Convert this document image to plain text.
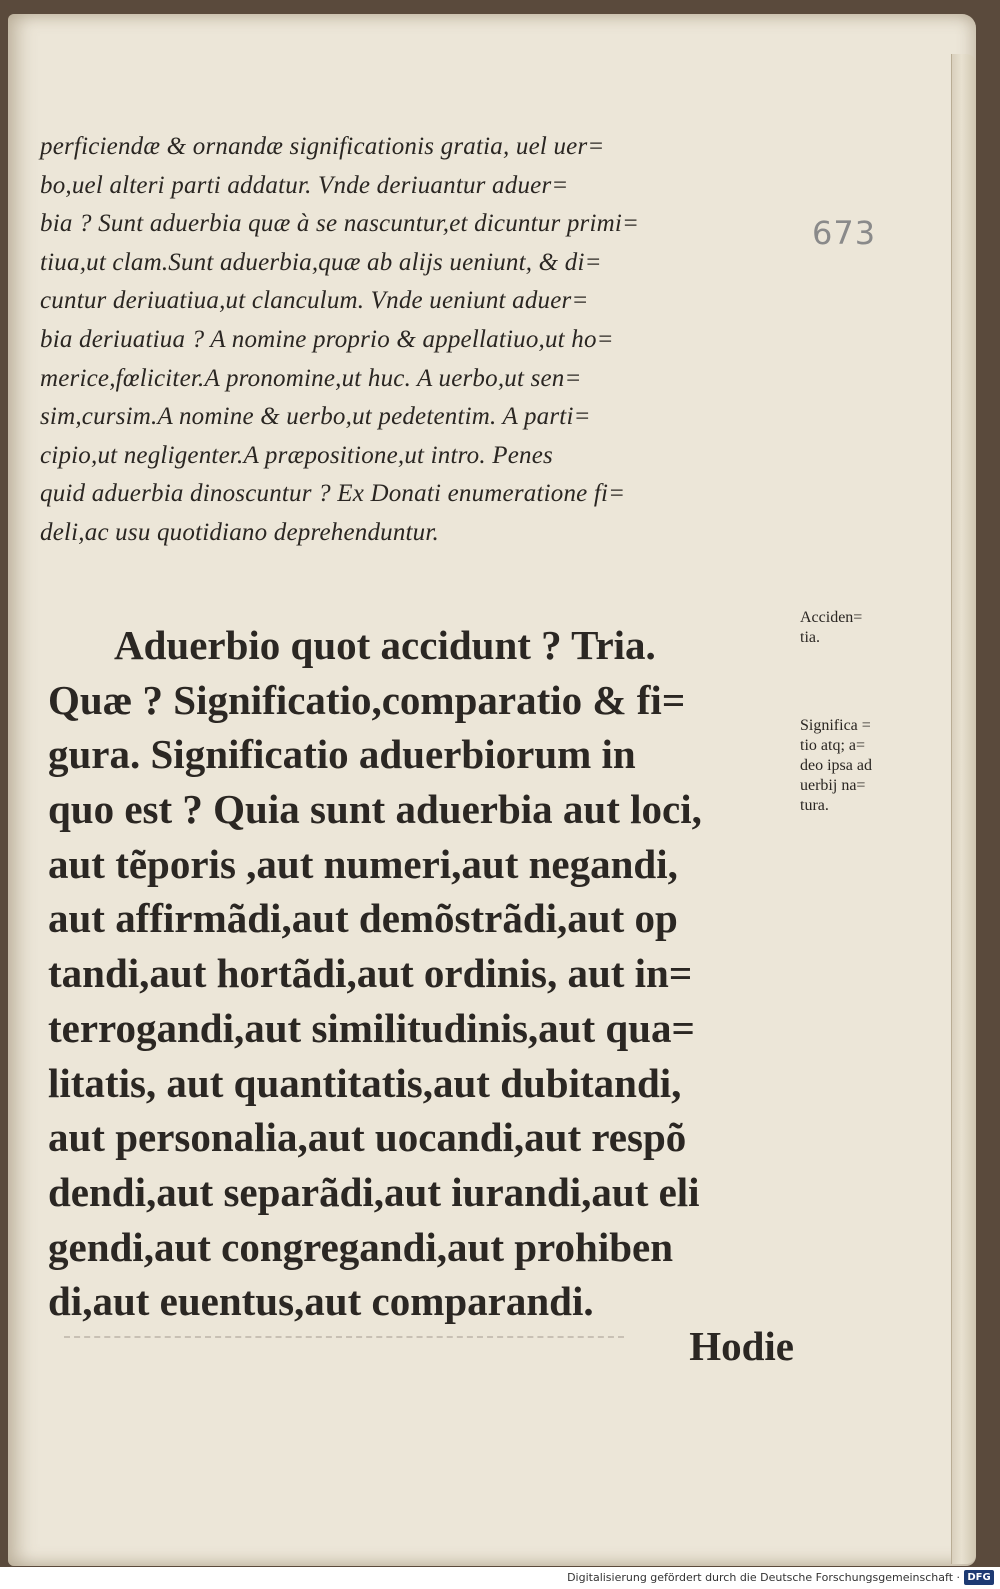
673
perficiendæ & ornandæ significationis gratia, uel uer=
bo,uel alteri parti addatur. Vnde deriuantur aduer=
bia ? Sunt aduerbia quæ à se nascuntur,et dicuntur primi=
tiua,ut clam.Sunt aduerbia,quæ ab alijs ueniunt, & di=
cuntur deriuatiua,ut clanculum. Vnde ueniunt aduer=
bia deriuatiua ? A nomine proprio & appellatiuo,ut ho=
merice,fœliciter.A pronomine,ut huc. A uerbo,ut sen=
sim,cursim.A nomine & uerbo,ut pedetentim. A parti=
cipio,ut negligenter.A præpositione,ut intro. Penes
quid aduerbia dinoscuntur ? Ex Donati enumeratione fi=
deli,ac usu quotidiano deprehenduntur.
Aduerbio quot accidunt ? Tria.
Quæ ? Significatio,comparatio & fi=
gura. Significatio aduerbiorum in
quo est ? Quia sunt aduerbia aut loci,
aut tẽporis ,aut numeri,aut negandi,
aut affirmãdi,aut demõstrãdi,aut op
tandi,aut hortãdi,aut ordinis, aut in=
terrogandi,aut similitudinis,aut qua=
litatis, aut quantitatis,aut dubitandi,
aut personalia,aut uocandi,aut respõ
dendi,aut separãdi,aut iurandi,aut eli
gendi,aut congregandi,aut prohiben
di,aut euentus,aut comparandi.
Hodie
Acciden=
tia.
Significa =
tio atq; a=
deo ipsa ad
uerbij na=
tura.
Digitalisierung gefördert durch die Deutsche Forschungsgemeinschaft · DFG
